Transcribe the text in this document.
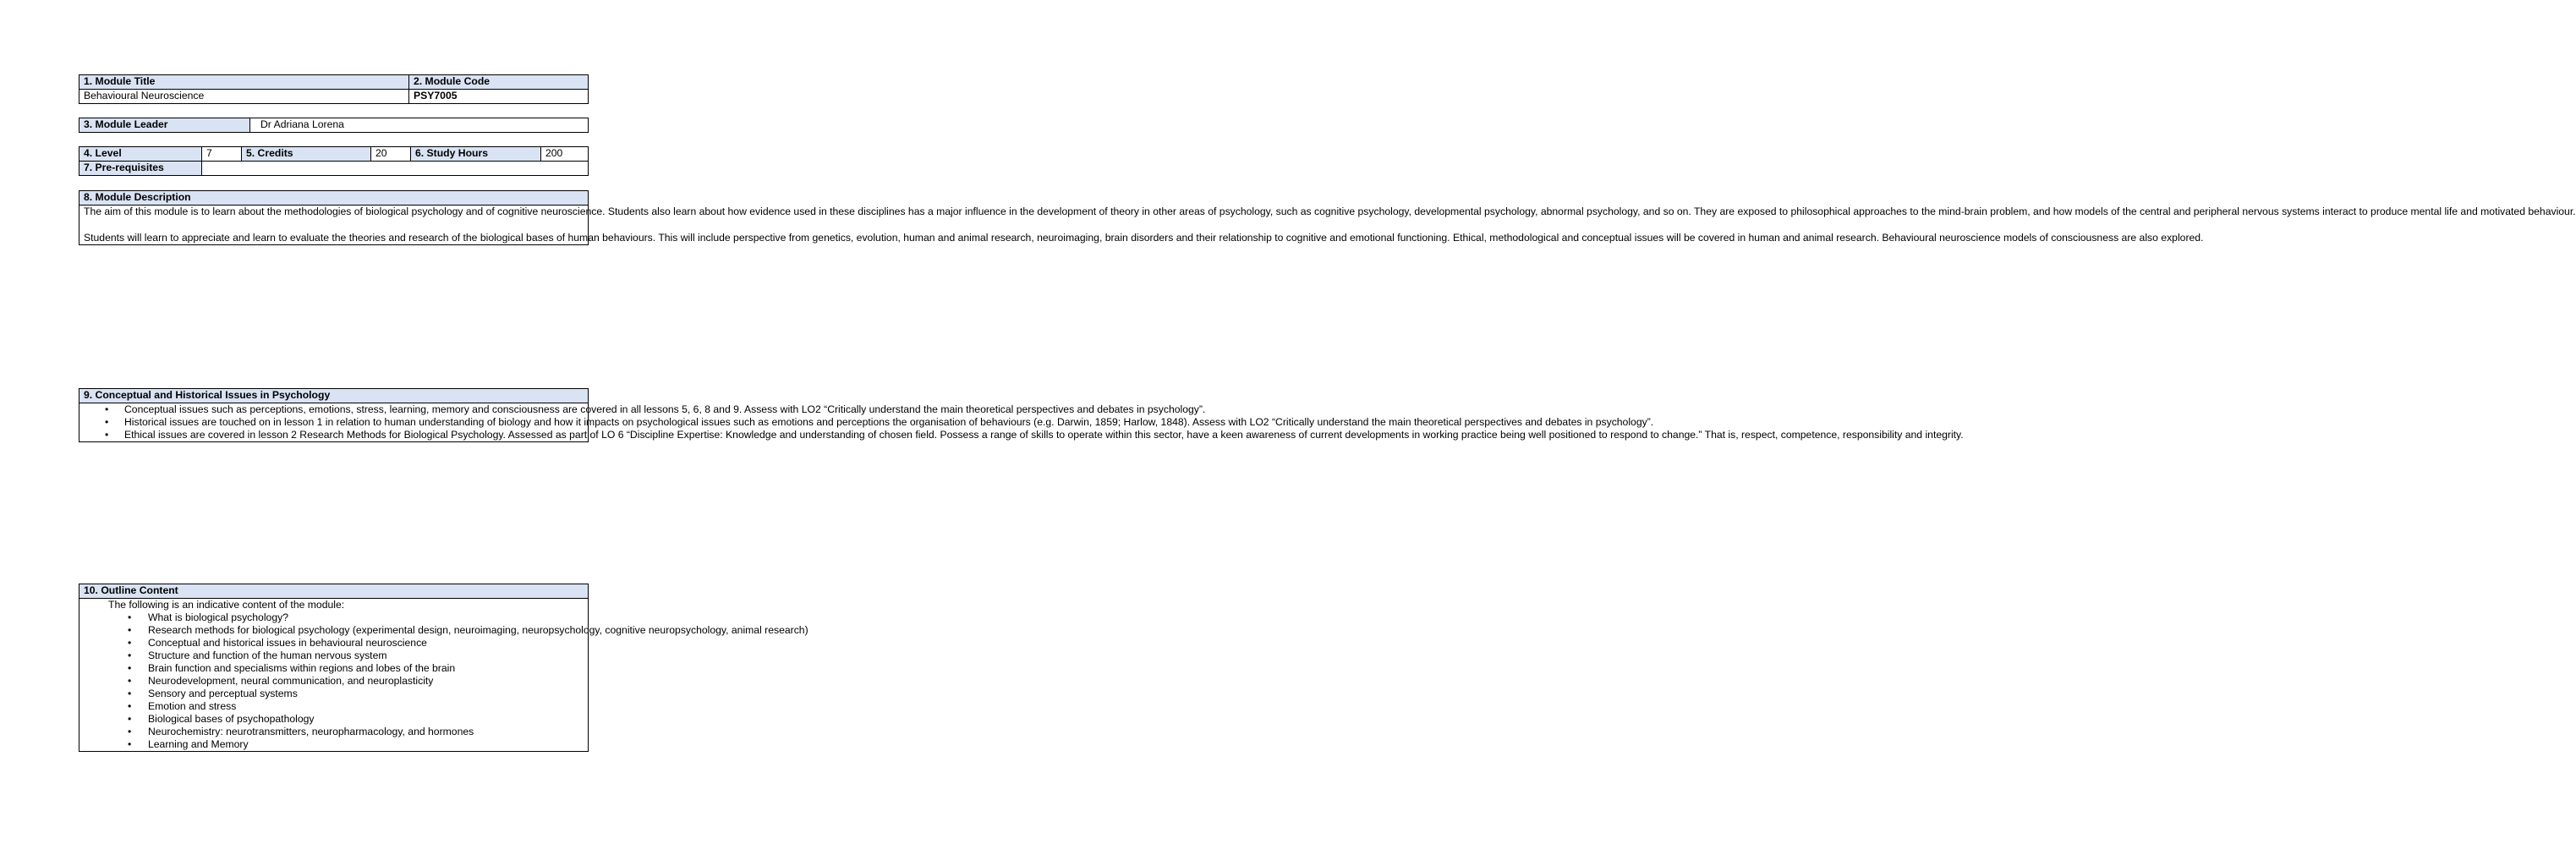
1. Module Title	2. Module Code
Behavioural Neuroscience	PSY7005
3. Module Leader	Dr Adriana Lorena
4. Level	7	5. Credits	20	6. Study Hours	200
7. Pre-requisites					
8. Module Description

The aim of this module is to learn about the methodologies of biological psychology and of cognitive neuroscience. Students also learn about how evidence used in these disciplines has a major influence in the development of theory in other areas of psychology, such as cognitive psychology, developmental psychology, abnormal psychology, and so on. They are exposed to philosophical approaches to the mind-brain problem, and how models of the central and peripheral nervous systems interact to produce mental life and motivated behaviour.

Students will learn to appreciate and learn to evaluate the theories and research of the biological bases of human behaviours. This will include perspective from genetics, evolution, human and animal research, neuroimaging, brain disorders and their relationship to cognitive and emotional functioning. Ethical, methodological and conceptual issues will be covered in human and animal research. Behavioural neuroscience models of consciousness are also explored.

9. Conceptual and Historical Issues in Psychology

• Conceptual issues such as perceptions, emotions, stress, learning, memory and consciousness are covered in all lessons 5, 6, 8 and 9. Assess with LO2 “Critically understand the main theoretical perspectives and debates in psychology”.
• Historical issues are touched on in lesson 1 in relation to human understanding of biology and how it impacts on psychological issues such as emotions and perceptions the organisation of behaviours (e.g. Darwin, 1859; Harlow, 1848). Assess with LO2 “Critically understand the main theoretical perspectives and debates in psychology”.
• Ethical issues are covered in lesson 2 Research Methods for Biological Psychology. Assessed as part of LO 6 “Discipline Expertise: Knowledge and understanding of chosen field. Possess a range of skills to operate within this sector, have a keen awareness of current developments in working practice being well positioned to respond to change.” That is, respect, competence, responsibility and integrity.
10. Outline Content

The following is an indicative content of the module:
• What is biological psychology?
• Research methods for biological psychology (experimental design, neuroimaging, neuropsychology, cognitive neuropsychology, animal research)
• Conceptual and historical issues in behavioural neuroscience
• Structure and function of the human nervous system
• Brain function and specialisms within regions and lobes of the brain
• Neurodevelopment, neural communication, and neuroplasticity
• Sensory and perceptual systems
• Emotion and stress
• Biological bases of psychopathology
• Neurochemistry: neurotransmitters, neuropharmacology, and hormones
• Learning and Memory
